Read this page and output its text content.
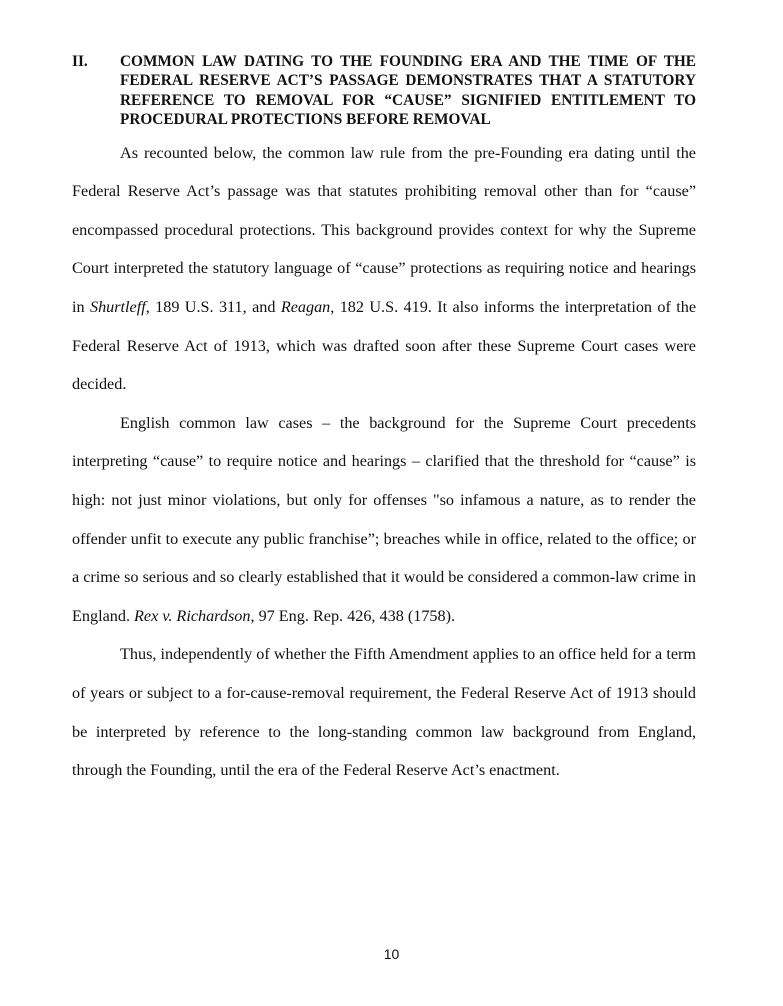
II.	COMMON LAW DATING TO THE FOUNDING ERA AND THE TIME OF THE FEDERAL RESERVE ACT’S PASSAGE DEMONSTRATES THAT A STATUTORY REFERENCE TO REMOVAL FOR “CAUSE” SIGNIFIED ENTITLEMENT TO PROCEDURAL PROTECTIONS BEFORE REMOVAL

As recounted below, the common law rule from the pre-Founding era dating until the Federal Reserve Act’s passage was that statutes prohibiting removal other than for “cause” encompassed procedural protections. This background provides context for why the Supreme Court interpreted the statutory language of “cause” protections as requiring notice and hearings in Shurtleff, 189 U.S. 311, and Reagan, 182 U.S. 419. It also informs the interpretation of the Federal Reserve Act of 1913, which was drafted soon after these Supreme Court cases were decided.

English common law cases – the background for the Supreme Court precedents interpreting “cause” to require notice and hearings – clarified that the threshold for “cause” is high: not just minor violations, but only for offenses "so infamous a nature, as to render the offender unfit to execute any public franchise”; breaches while in office, related to the office; or a crime so serious and so clearly established that it would be considered a common-law crime in England. Rex v. Richardson, 97 Eng. Rep. 426, 438 (1758).

Thus, independently of whether the Fifth Amendment applies to an office held for a term of years or subject to a for-cause-removal requirement, the Federal Reserve Act of 1913 should be interpreted by reference to the long-standing common law background from England, through the Founding, until the era of the Federal Reserve Act’s enactment.

10
